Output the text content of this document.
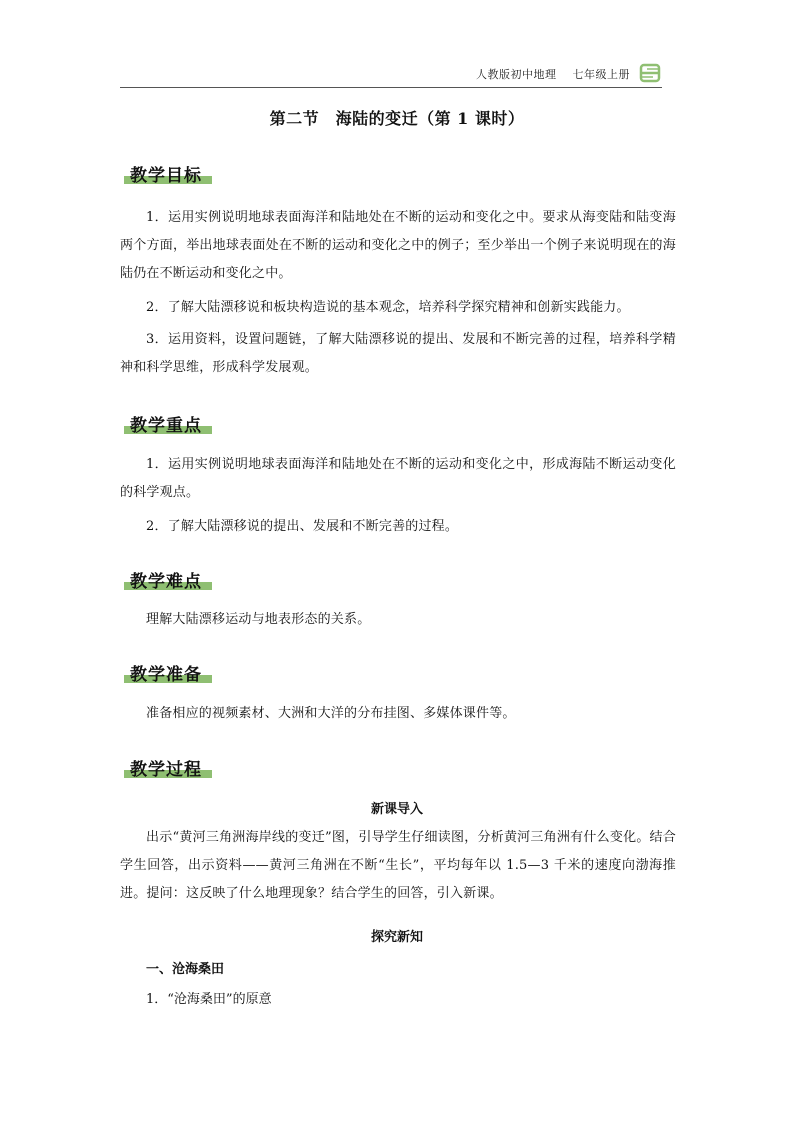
人教版初中地理 七年级上册
第二节　海陆的变迁（第 1 课时）
教学目标
1．运用实例说明地球表面海洋和陆地处在不断的运动和变化之中。要求从海变陆和陆变海两个方面，举出地球表面处在不断的运动和变化之中的例子；至少举出一个例子来说明现在的海陆仍在不断运动和变化之中。
2．了解大陆漂移说和板块构造说的基本观念，培养科学探究精神和创新实践能力。
3．运用资料，设置问题链，了解大陆漂移说的提出、发展和不断完善的过程，培养科学精神和科学思维，形成科学发展观。
教学重点
1．运用实例说明地球表面海洋和陆地处在不断的运动和变化之中，形成海陆不断运动变化的科学观点。
2．了解大陆漂移说的提出、发展和不断完善的过程。
教学难点
理解大陆漂移运动与地表形态的关系。
教学准备
准备相应的视频素材、大洲和大洋的分布挂图、多媒体课件等。
教学过程
新课导入
出示“黄河三角洲海岸线的变迁”图，引导学生仔细读图，分析黄河三角洲有什么变化。结合学生回答，出示资料——黄河三角洲在不断“生长”，平均每年以 1.5—3 千米的速度向渤海推进。提问：这反映了什么地理现象？结合学生的回答，引入新课。
探究新知
一、沧海桑田
1．“沧海桑田”的原意
